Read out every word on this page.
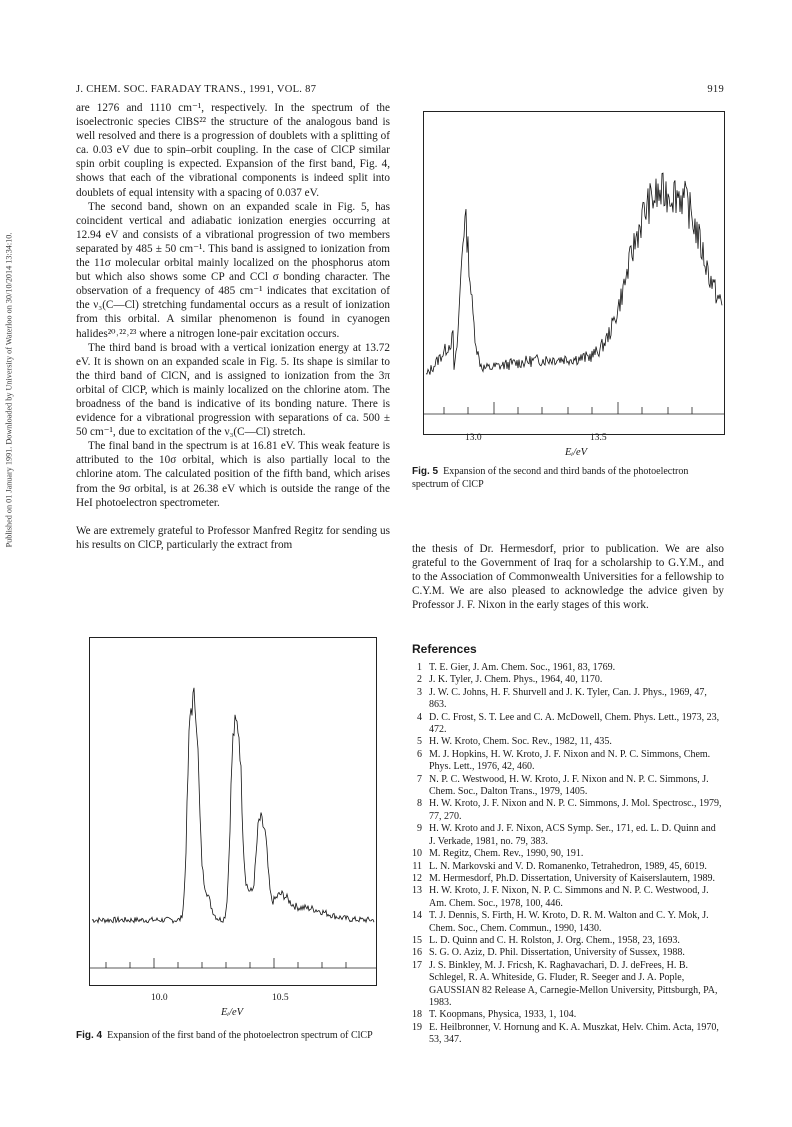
J. CHEM. SOC. FARADAY TRANS., 1991, VOL. 87	919
Published on 01 January 1991. Downloaded by University of Waterloo on 30/10/2014 13:34:10.

are 1276 and 1110 cm⁻¹, respectively. In the spectrum of the isoelectronic species ClBS²² the structure of the analogous band is well resolved and there is a progression of doublets with a splitting of ca. 0.03 eV due to spin–orbit coupling. In the case of ClCP similar spin orbit coupling is expected. Expansion of the first band, Fig. 4, shows that each of the vibrational components is indeed split into doublets of equal intensity with a spacing of 0.037 eV.

The second band, shown on an expanded scale in Fig. 5, has coincident vertical and adiabatic ionization energies occurring at 12.94 eV and consists of a vibrational progression of two members separated by 485 ± 50 cm⁻¹. This band is assigned to ionization from the 11σ molecular orbital mainly localized on the phosphorus atom but which also shows some CP and CCl σ bonding character. The observation of a frequency of 485 cm⁻¹ indicates that excitation of the ν₃(C—Cl) stretching fundamental occurs as a result of ionization from this orbital. A similar phenomenon is found in cyanogen halides²⁰˒²²˒²³ where a nitrogen lone-pair excitation occurs.

The third band is broad with a vertical ionization energy at 13.72 eV. It is shown on an expanded scale in Fig. 5. Its shape is similar to the third band of ClCN, and is assigned to ionization from the 3π orbital of ClCP, which is mainly localized on the chlorine atom. The broadness of the band is indicative of its bonding nature. There is evidence for a vibrational progression with separations of ca. 500 ± 50 cm⁻¹, due to excitation of the ν₃(C—Cl) stretch.

The final band in the spectrum is at 16.81 eV. This weak feature is attributed to the 10σ orbital, which is also partially local to the chlorine atom. The calculated position of the fifth band, which arises from the 9σ orbital, is at 26.38 eV which is outside the range of the HeI photoelectron spectrometer.

We are extremely grateful to Professor Manfred Regitz for sending us his results on ClCP, particularly the extract from

13.0	13.5
Eᵢ/eV
Fig. 5 Expansion of the second and third bands of the photoelectron spectrum of ClCP

the thesis of Dr. Hermesdorf, prior to publication. We are also grateful to the Government of Iraq for a scholarship to G.Y.M., and to the Association of Commonwealth Universities for a fellowship to C.Y.M. We are also pleased to acknowledge the advice given by Professor J. F. Nixon in the early stages of this work.

10.0	10.5
Eᵢ/eV
Fig. 4 Expansion of the first band of the photoelectron spectrum of ClCP
References
1 T. E. Gier, J. Am. Chem. Soc., 1961, 83, 1769.
2 J. K. Tyler, J. Chem. Phys., 1964, 40, 1170.
3 J. W. C. Johns, H. F. Shurvell and J. K. Tyler, Can. J. Phys., 1969, 47, 863.
4 D. C. Frost, S. T. Lee and C. A. McDowell, Chem. Phys. Lett., 1973, 23, 472.
5 H. W. Kroto, Chem. Soc. Rev., 1982, 11, 435.
6 M. J. Hopkins, H. W. Kroto, J. F. Nixon and N. P. C. Simmons, Chem. Phys. Lett., 1976, 42, 460.
7 N. P. C. Westwood, H. W. Kroto, J. F. Nixon and N. P. C. Simmons, J. Chem. Soc., Dalton Trans., 1979, 1405.
8 H. W. Kroto, J. F. Nixon and N. P. C. Simmons, J. Mol. Spectrosc., 1979, 77, 270.
9 H. W. Kroto and J. F. Nixon, ACS Symp. Ser., 171, ed. L. D. Quinn and J. Verkade, 1981, no. 79, 383.
10 M. Regitz, Chem. Rev., 1990, 90, 191.
11 L. N. Markovski and V. D. Romanenko, Tetrahedron, 1989, 45, 6019.
12 M. Hermesdorf, Ph.D. Dissertation, University of Kaiserslautern, 1989.
13 H. W. Kroto, J. F. Nixon, N. P. C. Simmons and N. P. C. Westwood, J. Am. Chem. Soc., 1978, 100, 446.
14 T. J. Dennis, S. Firth, H. W. Kroto, D. R. M. Walton and C. Y. Mok, J. Chem. Soc., Chem. Commun., 1990, 1430.
15 L. D. Quinn and C. H. Rolston, J. Org. Chem., 1958, 23, 1693.
16 S. G. O. Aziz, D. Phil. Dissertation, University of Sussex, 1988.
17 J. S. Binkley, M. J. Fricsh, K. Raghavachari, D. J. deFrees, H. B. Schlegel, R. A. Whiteside, G. Fluder, R. Seeger and J. A. Pople, GAUSSIAN 82 Release A, Carnegie-Mellon University, Pittsburgh, PA, 1983.
18 T. Koopmans, Physica, 1933, 1, 104.
19 E. Heilbronner, V. Hornung and K. A. Muszkat, Helv. Chim. Acta, 1970, 53, 347.
